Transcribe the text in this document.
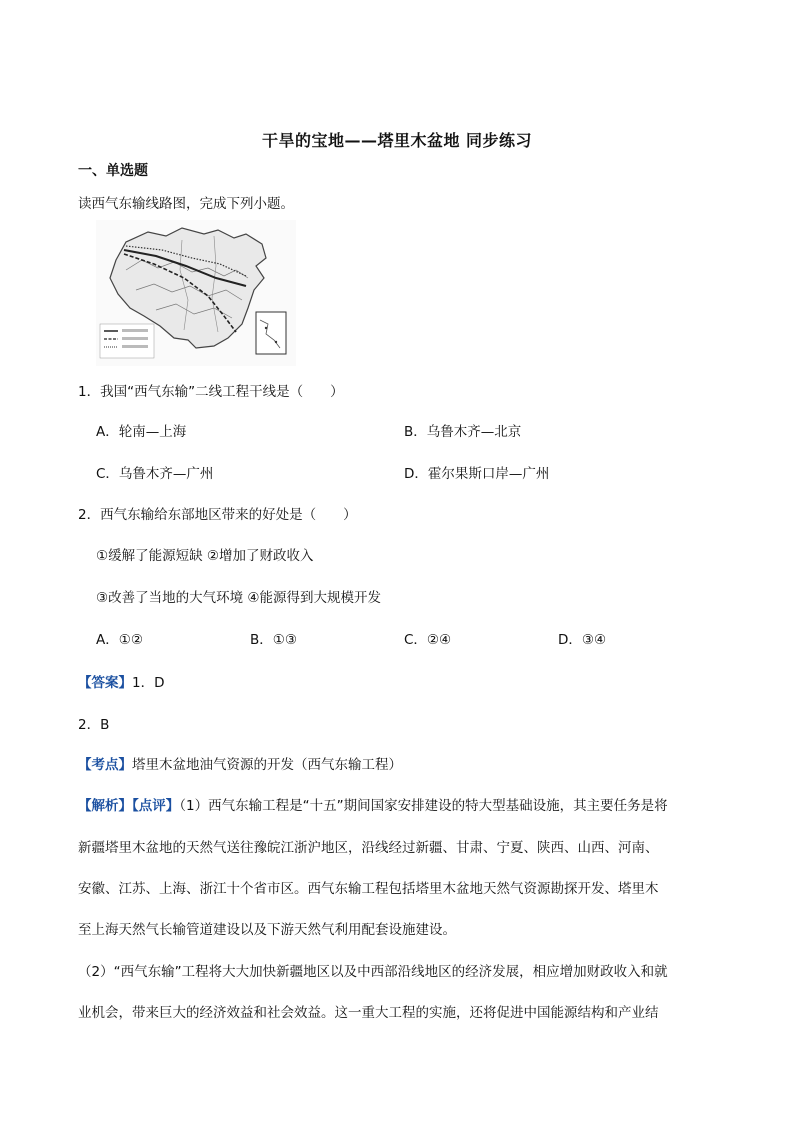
干旱的宝地——塔里木盆地 同步练习
一、单选题
读西气东输线路图，完成下列小题。
1．我国“西气东输”二线工程干线是（　　）
A．轮南—上海	B．乌鲁木齐—北京
C．乌鲁木齐—广州	D．霍尔果斯口岸—广州
2．西气东输给东部地区带来的好处是（　　）
①缓解了能源短缺 ②增加了财政收入
③改善了当地的大气环境 ④能源得到大规模开发
A．①②	B．①③	C．②④	D．③④
【答案】1．D
2．B
【考点】塔里木盆地油气资源的开发（西气东输工程）
【解析】【点评】（1）西气东输工程是“十五”期间国家安排建设的特大型基础设施，其主要任务是将
新疆塔里木盆地的天然气送往豫皖江浙沪地区，沿线经过新疆、甘肃、宁夏、陕西、山西、河南、
安徽、江苏、上海、浙江十个省市区。西气东输工程包括塔里木盆地天然气资源勘探开发、塔里木
至上海天然气长输管道建设以及下游天然气利用配套设施建设。
（2）“西气东输”工程将大大加快新疆地区以及中西部沿线地区的经济发展，相应增加财政收入和就
业机会，带来巨大的经济效益和社会效益。这一重大工程的实施，还将促进中国能源结构和产业结
